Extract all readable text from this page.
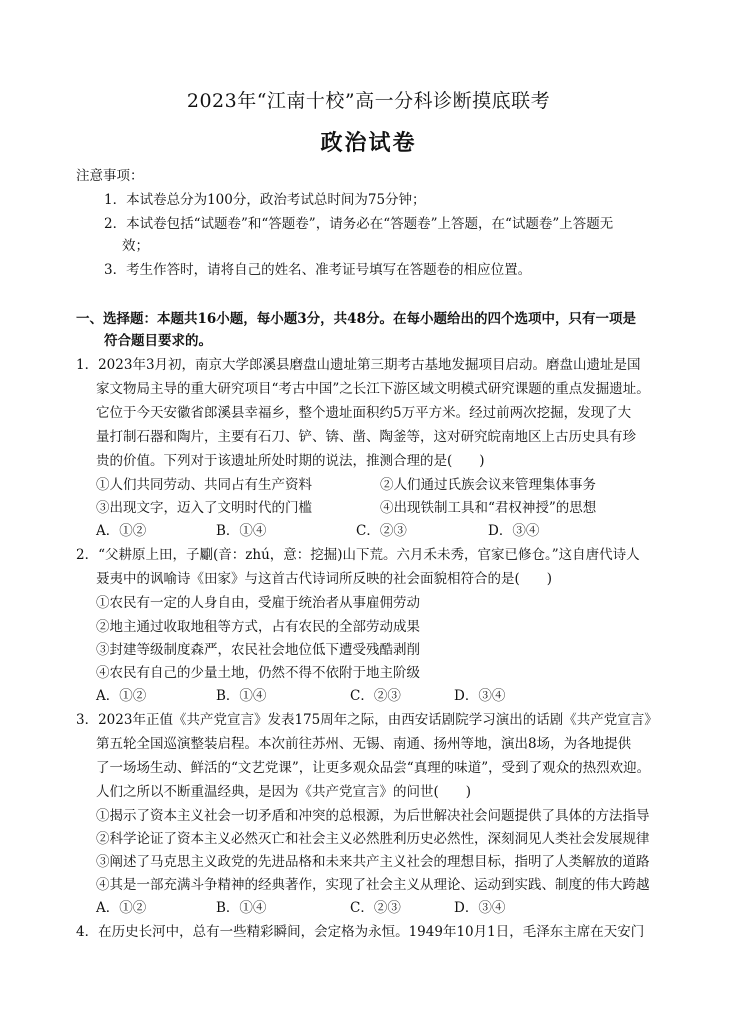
2023年“江南十校”高一分科诊断摸底联考
政治试卷
注意事项：
1．本试卷总分为100分，政治考试总时间为75分钟；
2．本试卷包括“试题卷”和“答题卷”，请务必在“答题卷”上答题，在“试题卷”上答题无
效；
3．考生作答时，请将自己的姓名、准考证号填写在答题卷的相应位置。
一、选择题：本题共16小题，每小题3分，共48分。在每小题给出的四个选项中，只有一项是
符合题目要求的。
1．2023年3月初，南京大学郎溪县磨盘山遗址第三期考古基地发掘项目启动。磨盘山遗址是国
家文物局主导的重大研究项目“考古中国”之长江下游区域文明模式研究课题的重点发掘遗址。
它位于今天安徽省郎溪县幸福乡，整个遗址面积约5万平方米。经过前两次挖掘，发现了大
量打制石器和陶片，主要有石刀、铲、锛、凿、陶釜等，这对研究皖南地区上古历史具有珍
贵的价值。下列对于该遗址所处时期的说法，推测合理的是(　　)
①人们共同劳动、共同占有生产资料	②人们通过氏族会议来管理集体事务
③出现文字，迈入了文明时代的门槛	④出现铁制工具和“君权神授”的思想
A．①②	B．①④	C．②③	D．③④
2．“父耕原上田，子劚(音：zhú，意：挖掘)山下荒。六月禾未秀，官家已修仓。”这自唐代诗人
聂夷中的讽喻诗《田家》与这首古代诗词所反映的社会面貌相符合的是(　　)
①农民有一定的人身自由，受雇于统治者从事雇佣劳动
②地主通过收取地租等方式，占有农民的全部劳动成果
③封建等级制度森严，农民社会地位低下遭受残酷剥削
④农民有自己的少量土地，仍然不得不依附于地主阶级
A．①②	B．①④	C．②③	D．③④
3．2023年正值《共产党宣言》发表175周年之际，由西安话剧院学习演出的话剧《共产党宣言》
第五轮全国巡演整装启程。本次前往苏州、无锡、南通、扬州等地，演出8场，为各地提供
了一场场生动、鲜活的“文艺党课”，让更多观众品尝“真理的味道”，受到了观众的热烈欢迎。
人们之所以不断重温经典，是因为《共产党宣言》的问世(　　)
①揭示了资本主义社会一切矛盾和冲突的总根源，为后世解决社会问题提供了具体的方法指导
②科学论证了资本主义必然灭亡和社会主义必然胜利历史必然性，深刻洞见人类社会发展规律
③阐述了马克思主义政党的先进品格和未来共产主义社会的理想目标，指明了人类解放的道路
④其是一部充满斗争精神的经典著作，实现了社会主义从理论、运动到实践、制度的伟大跨越
A．①②	B．①④	C．②③	D．③④
4．在历史长河中，总有一些精彩瞬间，会定格为永恒。1949年10月1日，毛泽东主席在天安门
